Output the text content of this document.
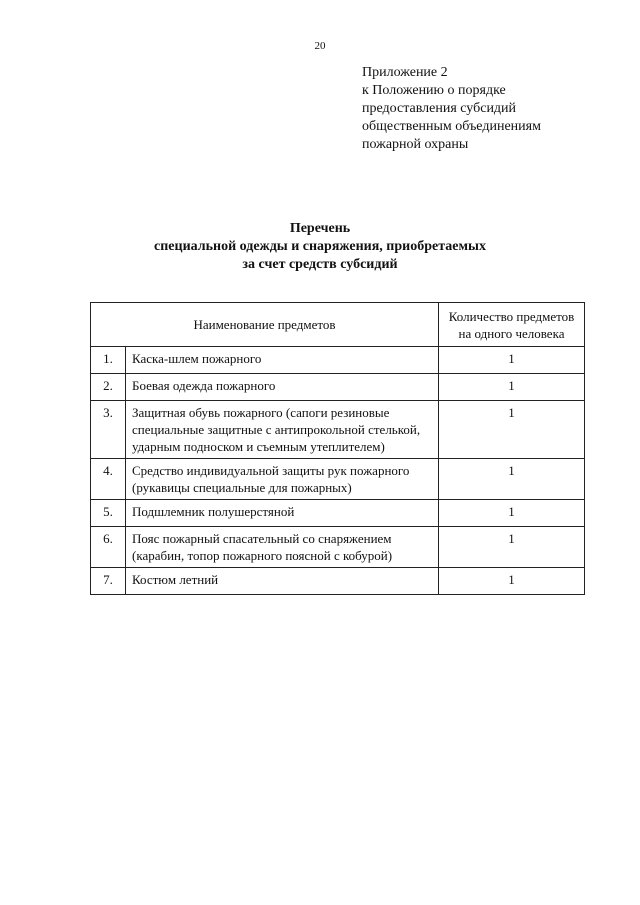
20
Приложение 2
к Положению о порядке
предоставления субсидий
общественным объединениям
пожарной охраны
Перечень
специальной одежды и снаряжения, приобретаемых
за счет средств субсидий
Наименование предметов		Количество предметов
на одного человека

1.	Каска-шлем пожарного	1
2.	Боевая одежда пожарного	1
3.	Защитная обувь пожарного (сапоги резиновые
специальные защитные с антипрокольной стелькой,
ударным подноском и съемным утеплителем)	1
4.	Средство индивидуальной защиты рук пожарного
(рукавицы специальные для пожарных)	1
5.	Подшлемник полушерстяной	1
6.	Пояс пожарный спасательный со снаряжением
(карабин, топор пожарного поясной с кобурой)	1
7.	Костюм летний	1
